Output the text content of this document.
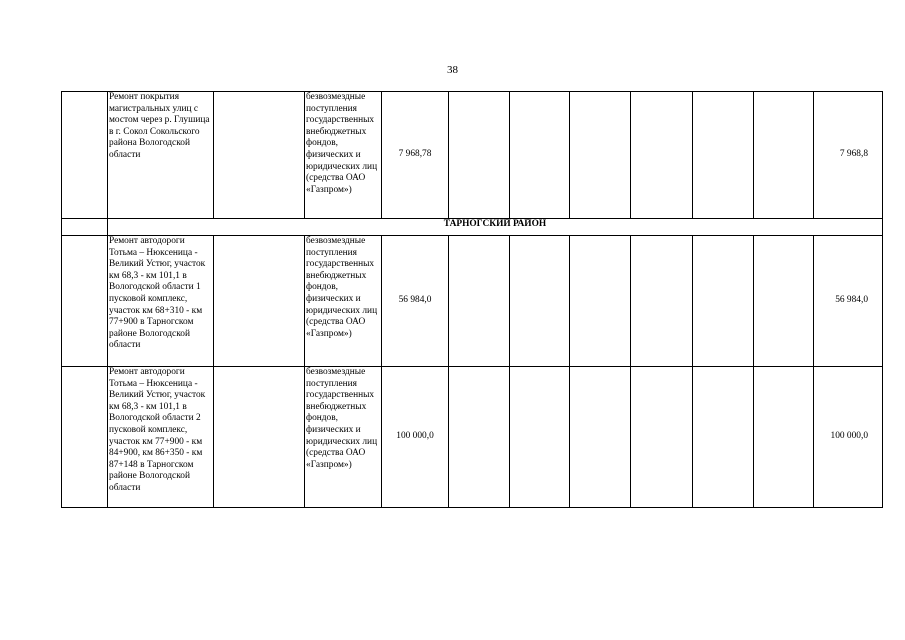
38
	Ремонт покрытия магистральных улиц с мостом через р. Глушица в г. Сокол Сокольского района Вологодской области		безвозмездные поступления государственных внебюджетных фондов, физических и юридических лиц (средства ОАО «Газпром»)	7 968,78							7 968,8
	ТАРНОГСКИЙ РАЙОН										
	Ремонт автодороги Тотьма – Нюксеница - Великий Устюг, участок км 68,3 - км 101,1 в Вологодской области 1 пусковой комплекс, участок км 68+310 - км 77+900 в Тарногском районе Вологодской области		безвозмездные поступления государственных внебюджетных фондов, физических и юридических лиц (средства ОАО «Газпром»)	56 984,0							56 984,0
	Ремонт автодороги Тотьма – Нюксеница - Великий Устюг, участок км 68,3 - км 101,1 в Вологодской области 2 пусковой комплекс, участок км 77+900 - км 84+900, км 86+350 - км 87+148 в Тарногском районе Вологодской области		безвозмездные поступления государственных внебюджетных фондов, физических и юридических лиц (средства ОАО «Газпром»)	100 000,0							100 000,0
